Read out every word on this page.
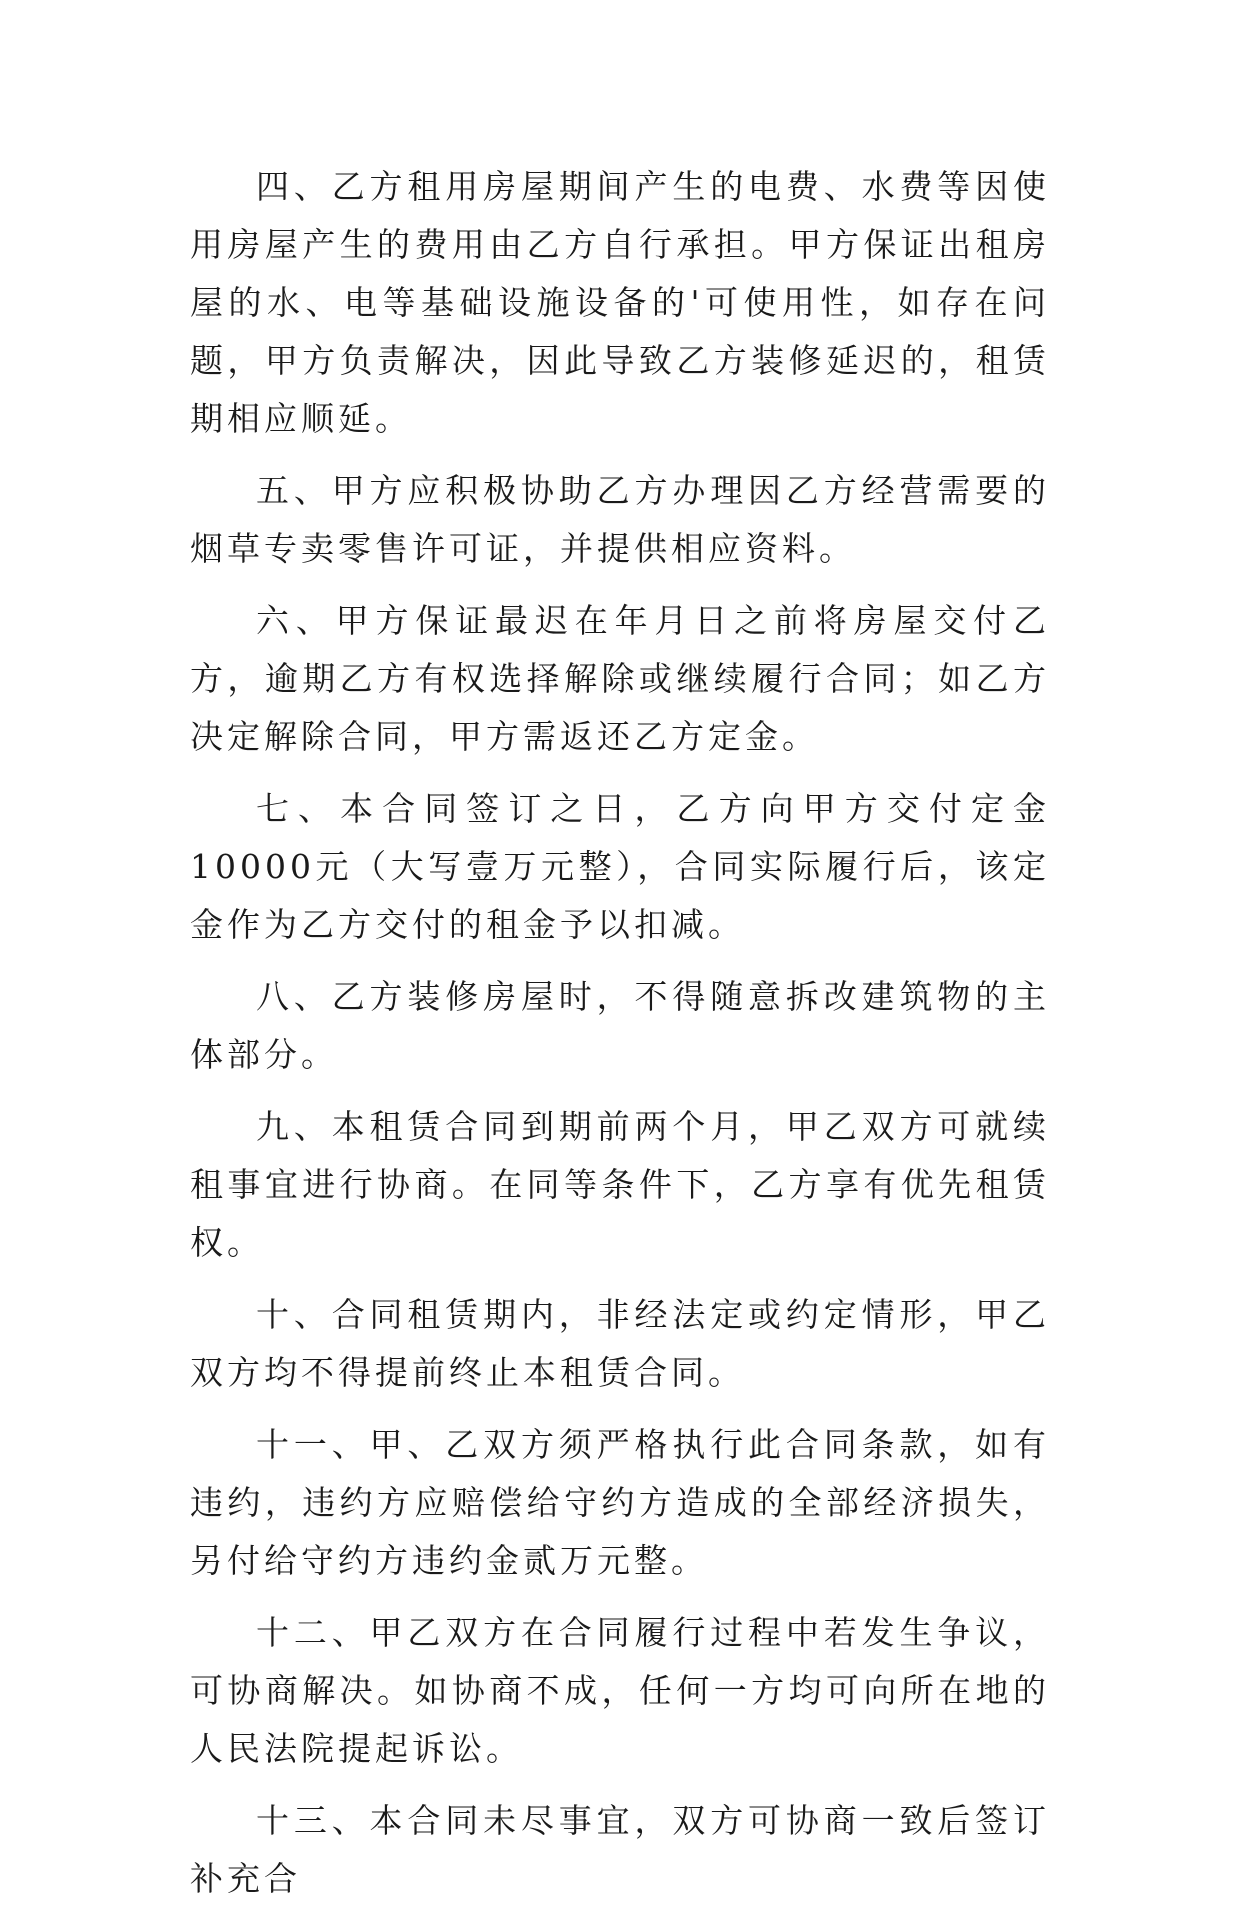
四、乙方租用房屋期间产生的电费、水费等因使用房屋产生的费用由乙方自行承担。甲方保证出租房屋的水、电等基础设施设备的'可使用性，如存在问题，甲方负责解决，因此导致乙方装修延迟的，租赁期相应顺延。

五、甲方应积极协助乙方办理因乙方经营需要的烟草专卖零售许可证，并提供相应资料。

六、甲方保证最迟在年月日之前将房屋交付乙方，逾期乙方有权选择解除或继续履行合同；如乙方决定解除合同，甲方需返还乙方定金。

七、本合同签订之日，乙方向甲方交付定金10000元（大写壹万元整），合同实际履行后，该定金作为乙方交付的租金予以扣减。

八、乙方装修房屋时，不得随意拆改建筑物的主体部分。

九、本租赁合同到期前两个月，甲乙双方可就续租事宜进行协商。在同等条件下，乙方享有优先租赁权。

十、合同租赁期内，非经法定或约定情形，甲乙双方均不得提前终止本租赁合同。

十一、甲、乙双方须严格执行此合同条款，如有违约，违约方应赔偿给守约方造成的全部经济损失，另付给守约方违约金贰万元整。

十二、甲乙双方在合同履行过程中若发生争议，可协商解决。如协商不成，任何一方均可向所在地的人民法院提起诉讼。

十三、本合同未尽事宜，双方可协商一致后签订补充合
